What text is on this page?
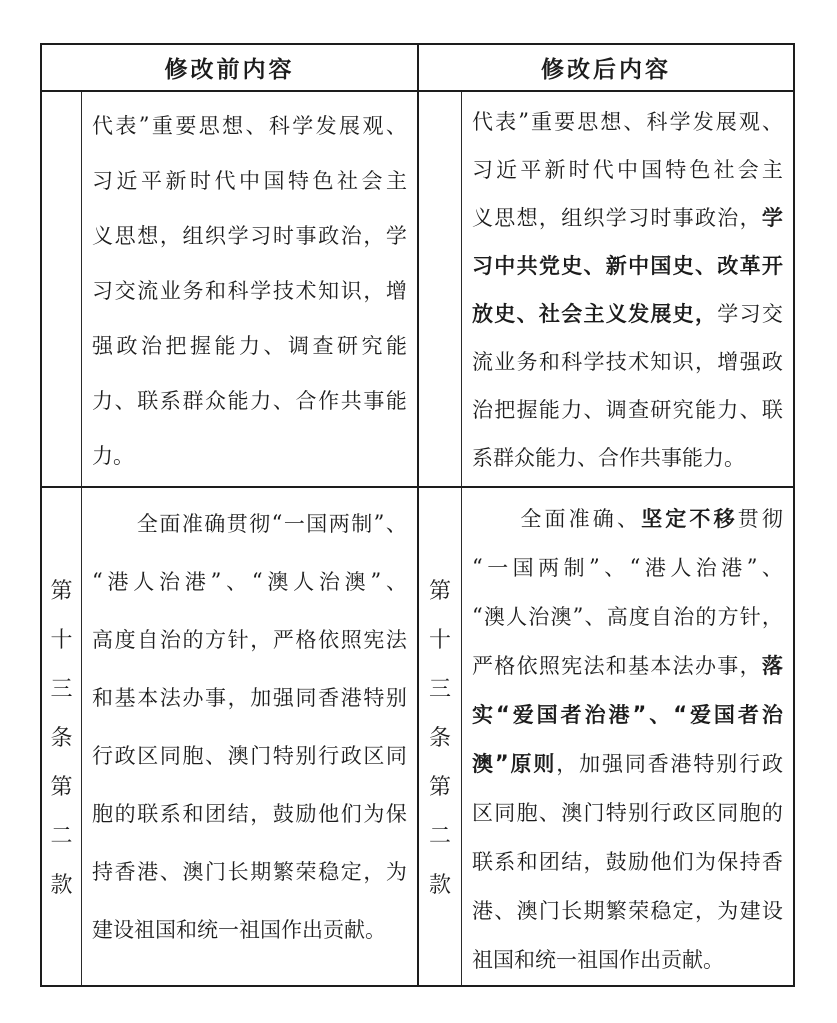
修改前内容	修改后内容
代 表 ” 重 要 思 想 、 科 学 发 展 观 、
习 近 平 新 时 代 中 国 特 色 社 会 主
义 思 想 ， 组 织 学 习 时 事 政 治 ， 学
习 交 流 业 务 和 科 学 技 术 知 识 ， 增
强 政 治 把 握 能 力 、 调 查 研 究 能
力 、 联 系 群 众 能 力 、 合 作 共 事 能
力 。
代 表 ” 重 要 思 想 、 科 学 发 展 观 、
习 近 平 新 时 代 中 国 特 色 社 会 主
义 思 想 ， 组 织 学 习 时 事 政 治 ， 学
习 中 共 党 史 、 新 中 国 史 、 改 革 开
放 史 、 社 会 主 义 发 展 史 ， 学 习 交
流 业 务 和 科 学 技 术 知 识 ， 增 强 政
治 把 握 能 力 、 调 查 研 究 能 力 、 联
系 群 众 能 力 、 合 作 共 事 能 力 。
第
十
三
条
第
二
款

全 面 准 确 贯 彻 “ 一 国 两 制 ” 、
“ 港 人 治 港 ” 、 “ 澳 人 治 澳 ” 、
高 度 自 治 的 方 针 ， 严 格 依 照 宪 法
和 基 本 法 办 事 ， 加 强 同 香 港 特 别
行 政 区 同 胞 、 澳 门 特 别 行 政 区 同
胞 的 联 系 和 团 结 ， 鼓 励 他 们 为 保
持 香 港 、 澳 门 长 期 繁 荣 稳 定 ， 为
建 设 祖 国 和 统 一 祖 国 作 出 贡 献 。
第
十
三
条
第
二
款

全 面 准 确 、 坚 定 不 移 贯 彻
“ 一 国 两 制 ” 、 “ 港 人 治 港 ” 、
“ 澳 人 治 澳 ” 、 高 度 自 治 的 方 针 ，
严 格 依 照 宪 法 和 基 本 法 办 事 ， 落
实 “ 爱 国 者 治 港 ” 、 “ 爱 国 者 治
澳 ” 原 则 ， 加 强 同 香 港 特 别 行 政
区 同 胞 、 澳 门 特 别 行 政 区 同 胞 的
联 系 和 团 结 ， 鼓 励 他 们 为 保 持 香
港 、 澳 门 长 期 繁 荣 稳 定 ， 为 建 设
祖 国 和 统 一 祖 国 作 出 贡 献 。
